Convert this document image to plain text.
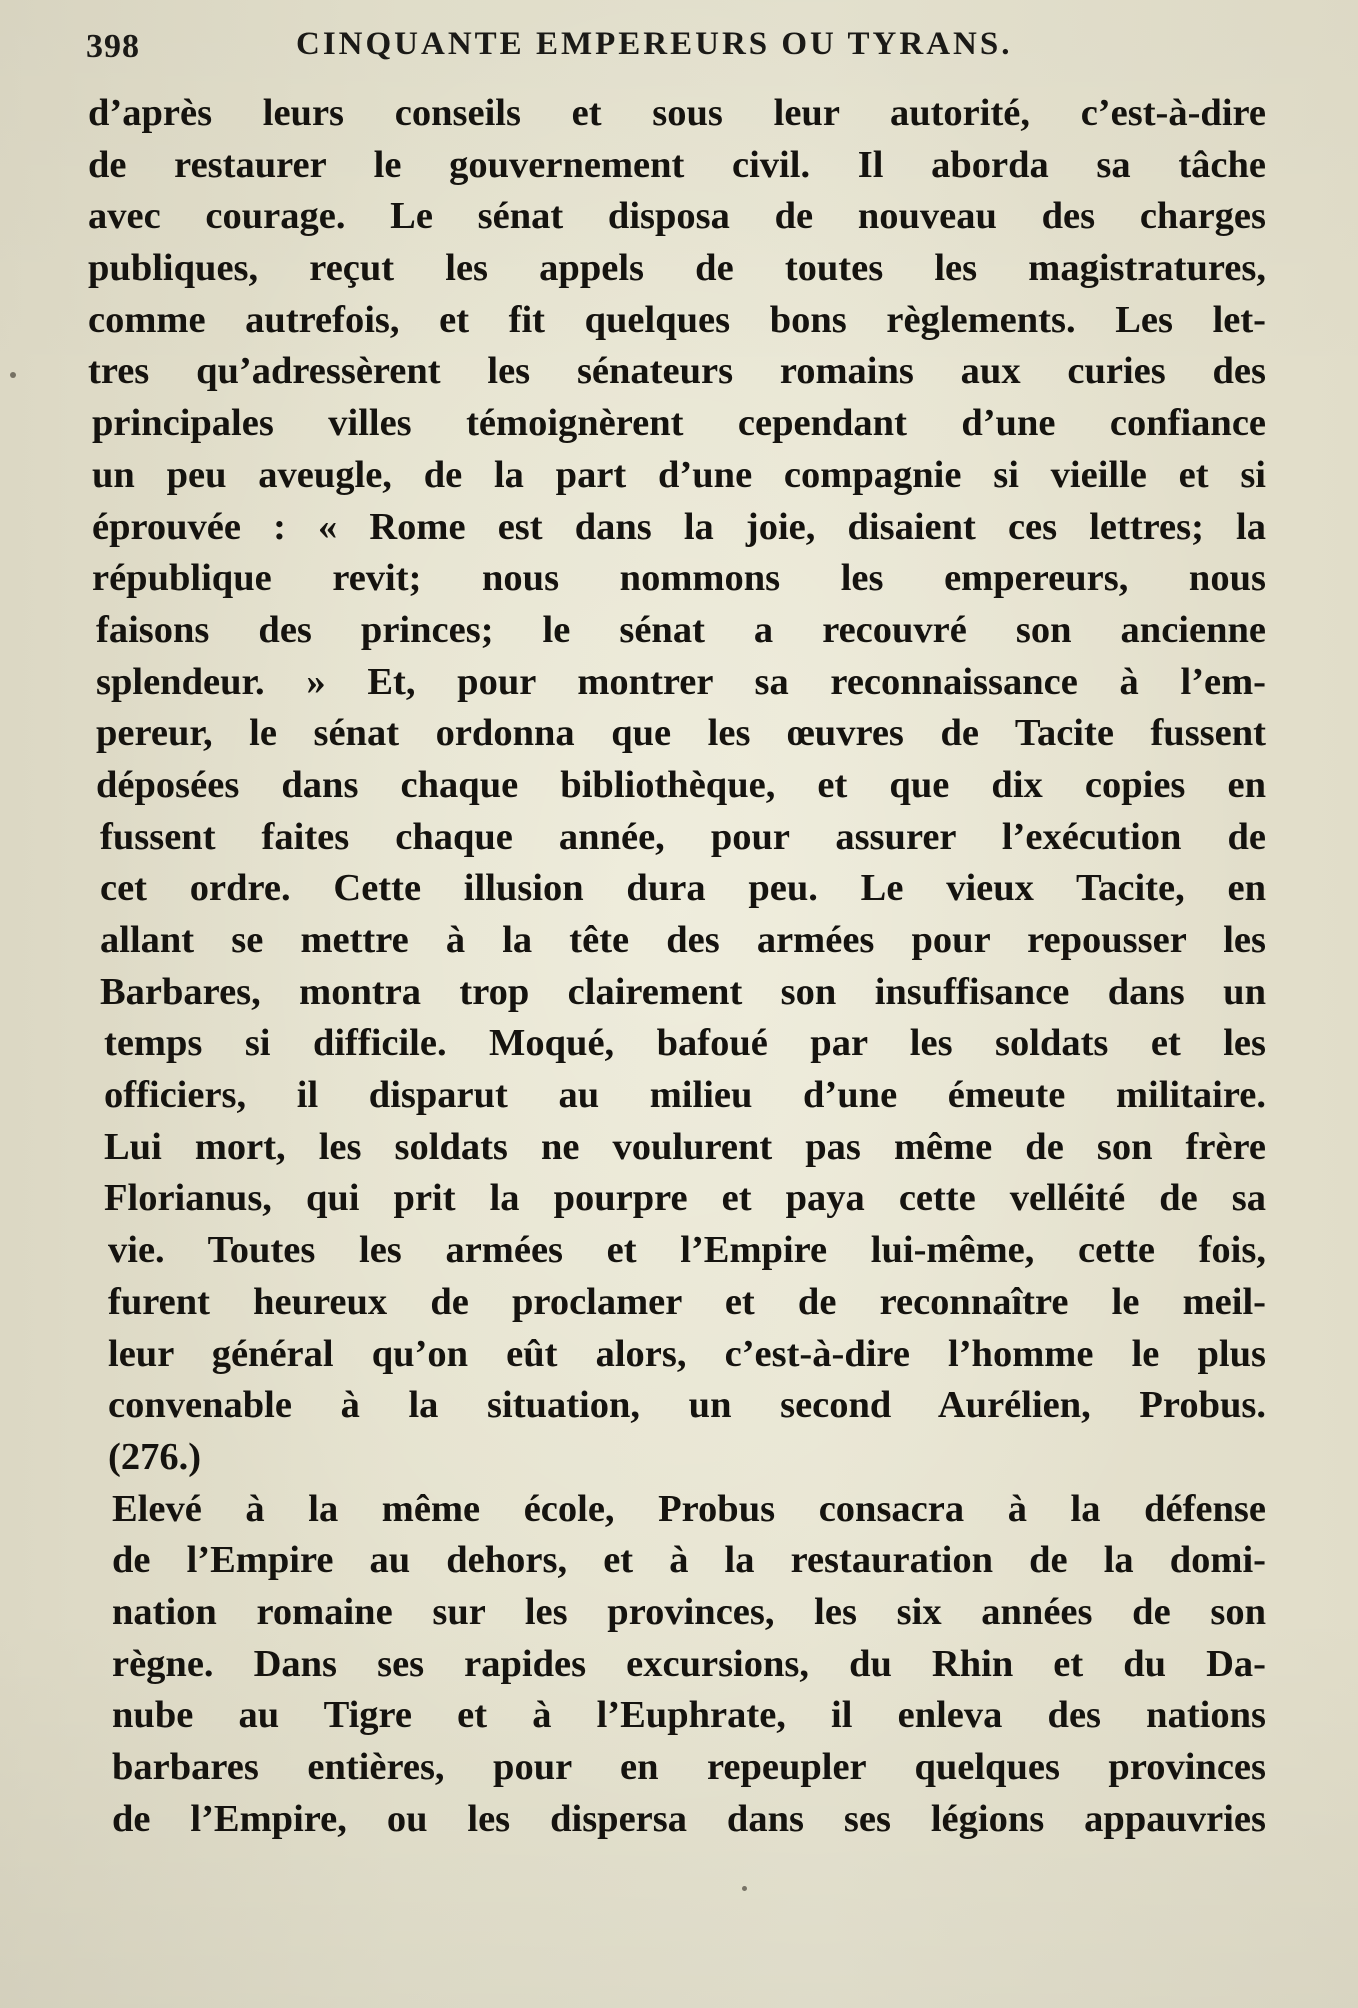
398	CINQUANTE EMPEREURS OU TYRANS.
d’après leurs conseils et sous leur autorité, c’est-à-dire
de restaurer le gouvernement civil. Il aborda sa tâche
avec courage. Le sénat disposa de nouveau des charges
publiques, reçut les appels de toutes les magistratures,
comme autrefois, et fit quelques bons règlements. Les let-
tres qu’adressèrent les sénateurs romains aux curies des
principales villes témoignèrent cependant d’une confiance
un peu aveugle, de la part d’une compagnie si vieille et si
éprouvée : « Rome est dans la joie, disaient ces lettres; la
république revit; nous nommons les empereurs, nous
faisons des princes; le sénat a recouvré son ancienne
splendeur. » Et, pour montrer sa reconnaissance à l’em-
pereur, le sénat ordonna que les œuvres de Tacite fussent
déposées dans chaque bibliothèque, et que dix copies en
fussent faites chaque année, pour assurer l’exécution de
cet ordre. Cette illusion dura peu. Le vieux Tacite, en
allant se mettre à la tête des armées pour repousser les
Barbares, montra trop clairement son insuffisance dans un
temps si difficile. Moqué, bafoué par les soldats et les
officiers, il disparut au milieu d’une émeute militaire.
Lui mort, les soldats ne voulurent pas même de son frère
Florianus, qui prit la pourpre et paya cette velléité de sa
vie. Toutes les armées et l’Empire lui-même, cette fois,
furent heureux de proclamer et de reconnaître le meil-
leur général qu’on eût alors, c’est-à-dire l’homme le plus
convenable à la situation, un second Aurélien, Probus.
(276.)
Elevé à la même école, Probus consacra à la défense
de l’Empire au dehors, et à la restauration de la domi-
nation romaine sur les provinces, les six années de son
règne. Dans ses rapides excursions, du Rhin et du Da-
nube au Tigre et à l’Euphrate, il enleva des nations
barbares entières, pour en repeupler quelques provinces
de l’Empire, ou les dispersa dans ses légions appauvries
